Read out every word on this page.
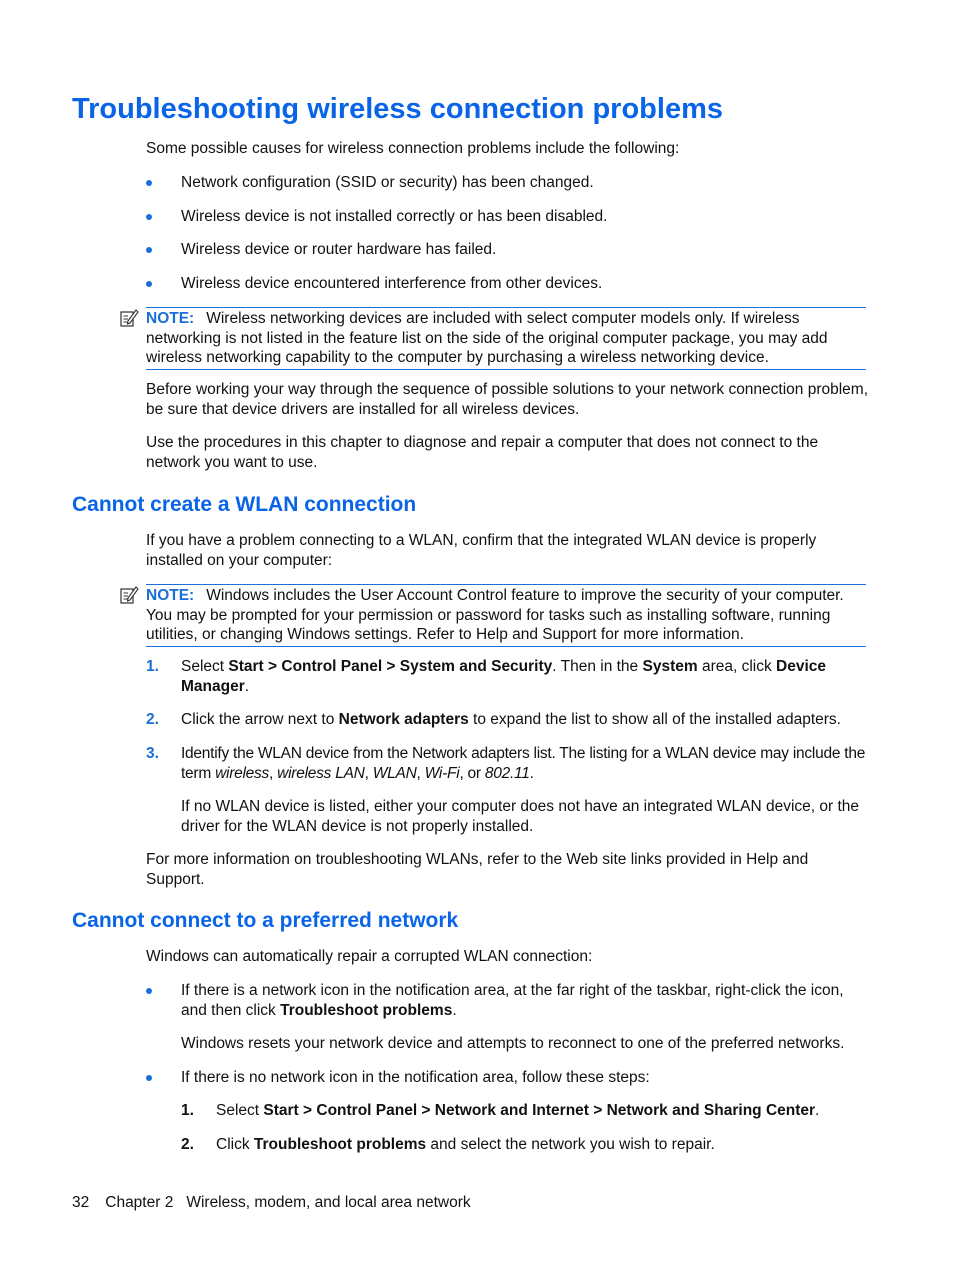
Troubleshooting wireless connection problems

Some possible causes for wireless connection problems include the following:

Network configuration (SSID or security) has been changed.

Wireless device is not installed correctly or has been disabled.

Wireless device or router hardware has failed.

Wireless device encountered interference from other devices.

NOTE: Wireless networking devices are included with select computer models only. If wireless networking is not listed in the feature list on the side of the original computer package, you may add wireless networking capability to the computer by purchasing a wireless networking device.

Before working your way through the sequence of possible solutions to your network connection problem, be sure that device drivers are installed for all wireless devices.

Use the procedures in this chapter to diagnose and repair a computer that does not connect to the network you want to use.

Cannot create a WLAN connection

If you have a problem connecting to a WLAN, confirm that the integrated WLAN device is properly installed on your computer:

NOTE: Windows includes the User Account Control feature to improve the security of your computer. You may be prompted for your permission or password for tasks such as installing software, running utilities, or changing Windows settings. Refer to Help and Support for more information.

1. Select Start > Control Panel > System and Security. Then in the System area, click Device Manager.

2. Click the arrow next to Network adapters to expand the list to show all of the installed adapters.

3. Identify the WLAN device from the Network adapters list. The listing for a WLAN device may include the term wireless, wireless LAN, WLAN, Wi-Fi, or 802.11.

If no WLAN device is listed, either your computer does not have an integrated WLAN device, or the driver for the WLAN device is not properly installed.

For more information on troubleshooting WLANs, refer to the Web site links provided in Help and Support.

Cannot connect to a preferred network

Windows can automatically repair a corrupted WLAN connection:

If there is a network icon in the notification area, at the far right of the taskbar, right-click the icon, and then click Troubleshoot problems.

Windows resets your network device and attempts to reconnect to one of the preferred networks.

If there is no network icon in the notification area, follow these steps:

1. Select Start > Control Panel > Network and Internet > Network and Sharing Center.

2. Click Troubleshoot problems and select the network you wish to repair.

32 Chapter 2 Wireless, modem, and local area network
